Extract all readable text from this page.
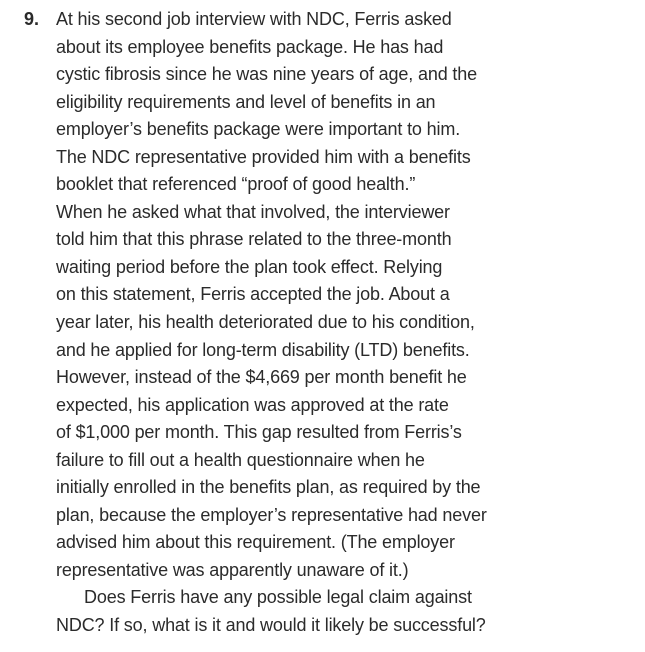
9. At his second job interview with NDC, Ferris asked
about its employee benefits package. He has had
cystic fibrosis since he was nine years of age, and the
eligibility requirements and level of benefits in an
employer’s benefits package were important to him.
The NDC representative provided him with a benefits
booklet that referenced “proof of good health.”
When he asked what that involved, the interviewer
told him that this phrase related to the three-month
waiting period before the plan took effect. Relying
on this statement, Ferris accepted the job. About a
year later, his health deteriorated due to his condition,
and he applied for long-term disability (LTD) benefits.
However, instead of the $4,669 per month benefit he
expected, his application was approved at the rate
of $1,000 per month. This gap resulted from Ferris’s
failure to fill out a health questionnaire when he
initially enrolled in the benefits plan, as required by the
plan, because the employer’s representative had never
advised him about this requirement. (The employer
representative was apparently unaware of it.)
Does Ferris have any possible legal claim against
NDC? If so, what is it and would it likely be successful?
